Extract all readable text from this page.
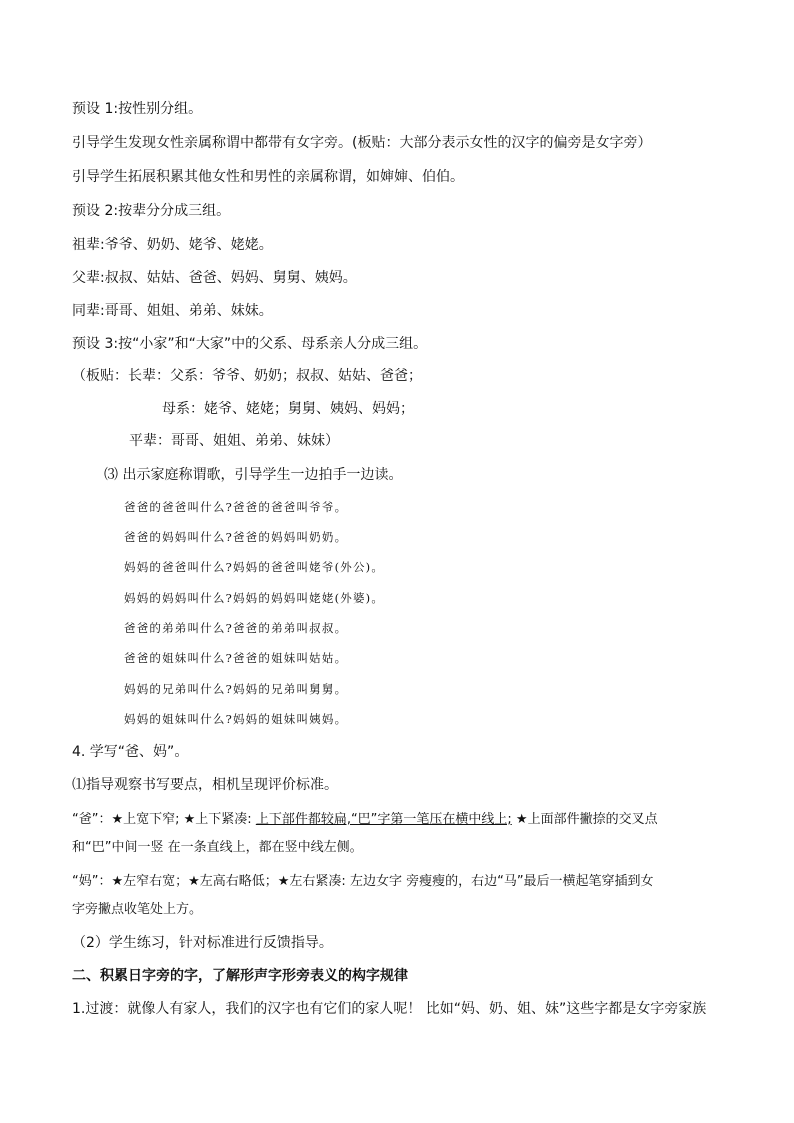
预设 1:按性别分组。
引导学生发现女性亲属称谓中都带有女字旁。(板贴：大部分表示女性的汉字的偏旁是女字旁）
引导学生拓展积累其他女性和男性的亲属称谓，如婶婶、伯伯。
预设 2:按辈分分成三组。
祖辈:爷爷、奶奶、姥爷、姥姥。
父辈:叔叔、姑姑、爸爸、妈妈、舅舅、姨妈。
同辈:哥哥、姐姐、弟弟、妹妹。
预设 3:按“小家”和“大家”中的父系、母系亲人分成三组。
（板贴：长辈：父系：爷爷、奶奶；叔叔、姑姑、爸爸；
母系：姥爷、姥姥；舅舅、姨妈、妈妈；
平辈：哥哥、姐姐、弟弟、妹妹）
⑶ 出示家庭称谓歌，引导学生一边拍手一边读。
爸爸的爸爸叫什么?爸爸的爸爸叫爷爷。
爸爸的妈妈叫什么?爸爸的妈妈叫奶奶。
妈妈的爸爸叫什么?妈妈的爸爸叫姥爷(外公)。
妈妈的妈妈叫什么?妈妈的妈妈叫姥姥(外婆)。
爸爸的弟弟叫什么?爸爸的弟弟叫叔叔。
爸爸的姐妹叫什么?爸爸的姐妹叫姑姑。
妈妈的兄弟叫什么?妈妈的兄弟叫舅舅。
妈妈的姐妹叫什么?妈妈的姐妹叫姨妈。
4. 学写“爸、妈”。
⑴指导观察书写要点，相机呈现评价标准。
“爸”：★上宽下窄; ★上下紧凑: 上下部件都较扁,“巴”字第一笔压在横中线上; ★上面部件撇捺的交叉点
和“巴”中间一竖 在一条直线上，都在竖中线左侧。
“妈”：★左窄右宽；★左高右略低；★左右紧凑: 左边女字 旁瘦瘦的，右边“马”最后一横起笔穿插到女
字旁撇点收笔处上方。
（2）学生练习，针对标准进行反馈指导。
二、积累日字旁的字，了解形声字形旁表义的构字规律
1.过渡：就像人有家人，我们的汉字也有它们的家人呢！ 比如“妈、奶、姐、妹”这些字都是女字旁家族
